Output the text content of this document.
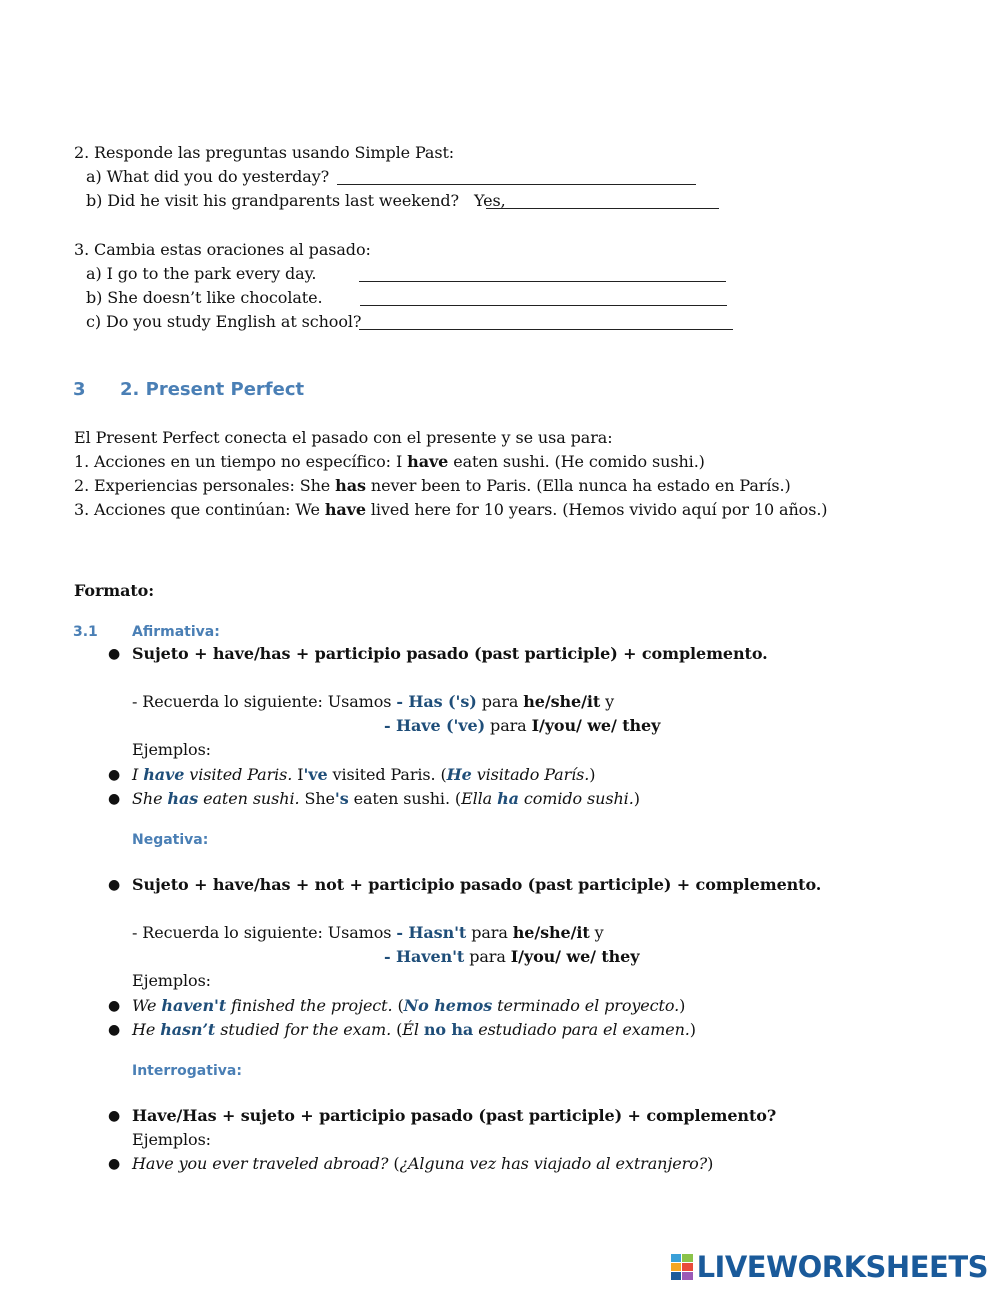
2. Responde las preguntas usando Simple Past:
a) What did you do yesterday?
b) Did he visit his grandparents last weekend? Yes,
3. Cambia estas oraciones al pasado:
a) I go to the park every day.
b) She doesn’t like chocolate.
c) Do you study English at school?
3 2. Present Perfect
El Present Perfect conecta el pasado con el presente y se usa para:
1. Acciones en un tiempo no específico: I have eaten sushi. (He comido sushi.)
2. Experiencias personales: She has never been to Paris. (Ella nunca ha estado en París.)
3. Acciones que continúan: We have lived here for 10 years. (Hemos vivido aquí por 10 años.)
Formato:
3.1 Afirmativa:
● Sujeto + have/has + participio pasado (past participle) + complemento.
- Recuerda lo siguiente: Usamos - Has ('s) para he/she/it y
- Have ('ve) para I/you/ we/ they
Ejemplos:
● I have visited Paris. I've visited Paris. (He visitado París.)
● She has eaten sushi. She's eaten sushi. (Ella ha comido sushi.)
Negativa:
● Sujeto + have/has + not + participio pasado (past participle) + complemento.
- Recuerda lo siguiente: Usamos - Hasn't para he/she/it y
- Haven't para I/you/ we/ they
Ejemplos:
● We haven't finished the project. (No hemos terminado el proyecto.)
● He hasn’t studied for the exam. (Él no ha estudiado para el examen.)
Interrogativa:
● Have/Has + sujeto + participio pasado (past participle) + complemento?
Ejemplos:
● Have you ever traveled abroad? (¿Alguna vez has viajado al extranjero?)
LIVEWORKSHEETS
